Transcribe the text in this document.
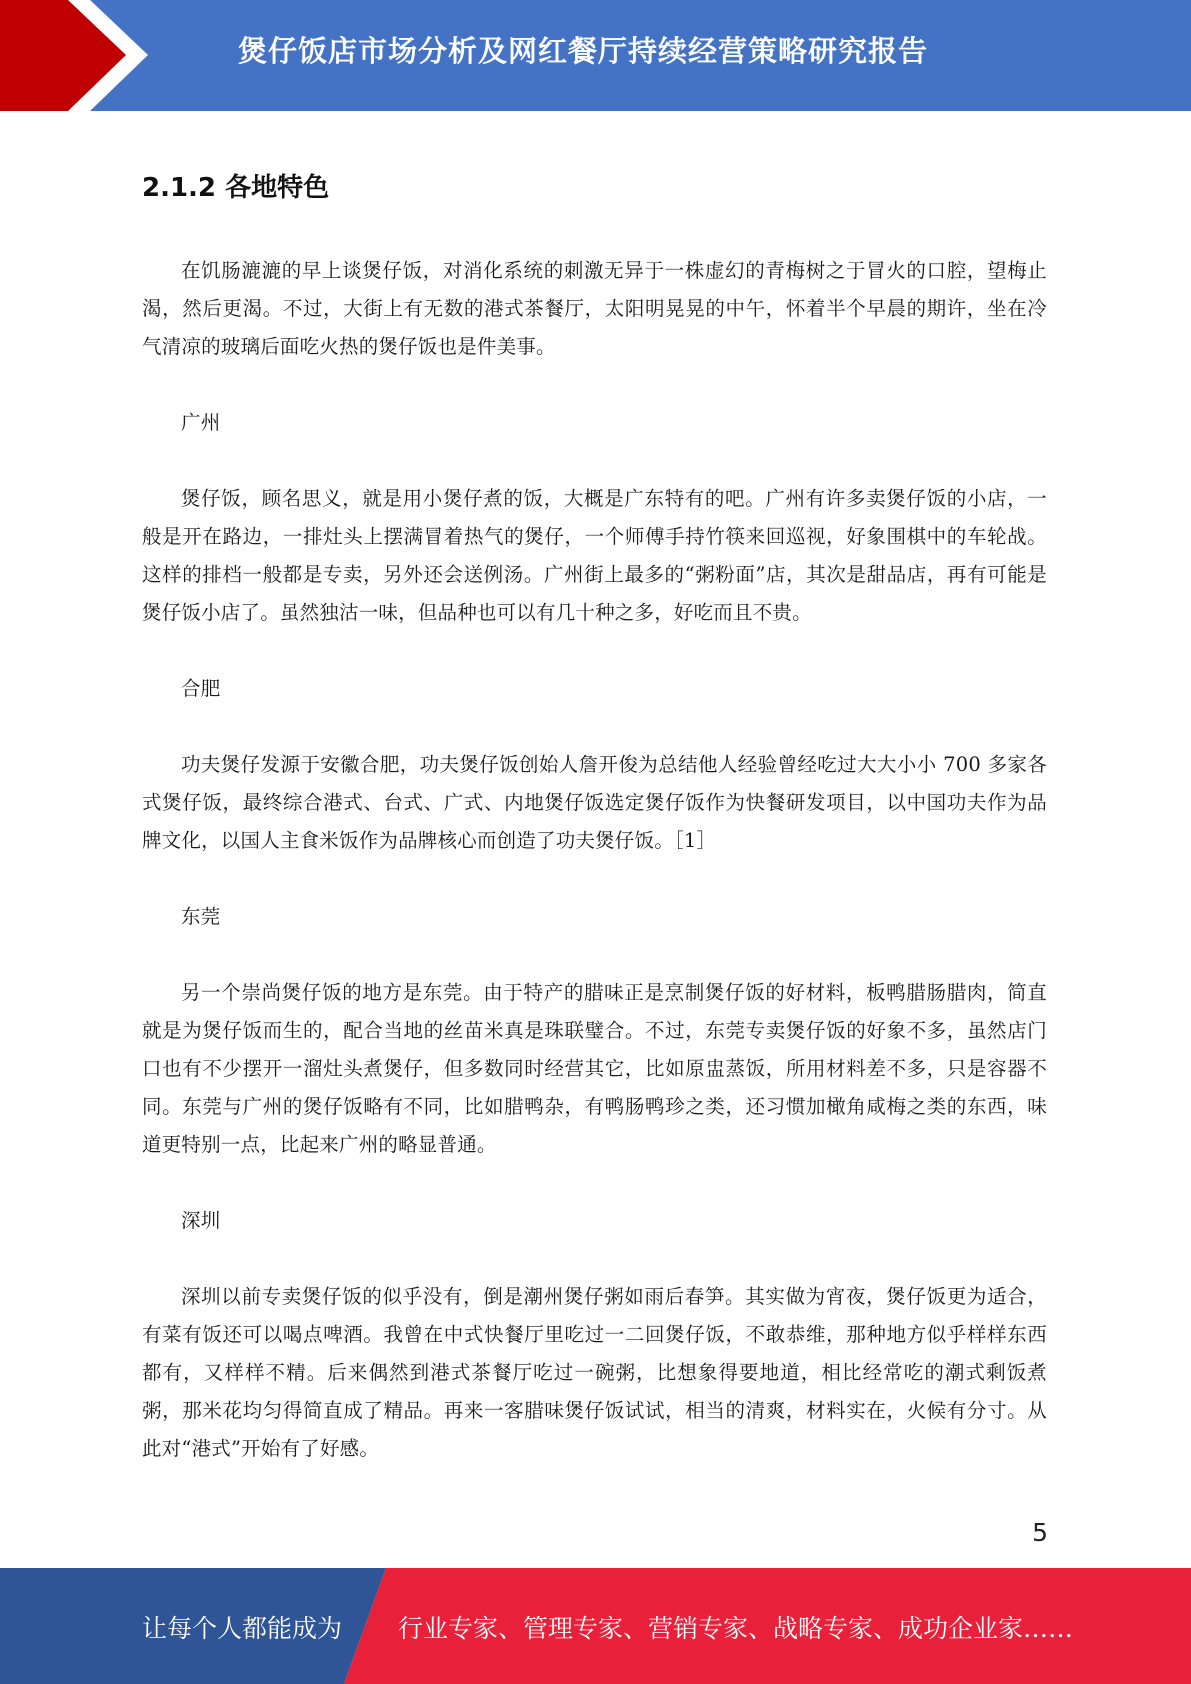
煲仔饭店市场分析及网红餐厅持续经营策略研究报告
2.1.2 各地特色

在饥肠漉漉的早上谈煲仔饭，对消化系统的刺激无异于一株虚幻的青梅树之于冒火的口腔，望梅止渴，然后更渴。不过，大街上有无数的港式茶餐厅，太阳明晃晃的中午，怀着半个早晨的期许，坐在冷气清凉的玻璃后面吃火热的煲仔饭也是件美事。

广州

煲仔饭，顾名思义，就是用小煲仔煮的饭，大概是广东特有的吧。广州有许多卖煲仔饭的小店，一般是开在路边，一排灶头上摆满冒着热气的煲仔，一个师傅手持竹筷来回巡视，好象围棋中的车轮战。这样的排档一般都是专卖，另外还会送例汤。广州街上最多的“粥粉面”店，其次是甜品店，再有可能是煲仔饭小店了。虽然独沽一味，但品种也可以有几十种之多，好吃而且不贵。

合肥

功夫煲仔发源于安徽合肥，功夫煲仔饭创始人詹开俊为总结他人经验曾经吃过大大小小 700 多家各式煲仔饭，最终综合港式、台式、广式、内地煲仔饭选定煲仔饭作为快餐研发项目，以中国功夫作为品牌文化，以国人主食米饭作为品牌核心而创造了功夫煲仔饭。［1］

东莞

另一个崇尚煲仔饭的地方是东莞。由于特产的腊味正是烹制煲仔饭的好材料，板鸭腊肠腊肉，简直就是为煲仔饭而生的，配合当地的丝苗米真是珠联璧合。不过，东莞专卖煲仔饭的好象不多，虽然店门口也有不少摆开一溜灶头煮煲仔，但多数同时经营其它，比如原盅蒸饭，所用材料差不多，只是容器不同。东莞与广州的煲仔饭略有不同，比如腊鸭杂，有鸭肠鸭珍之类，还习惯加橄角咸梅之类的东西，味道更特别一点，比起来广州的略显普通。

深圳

深圳以前专卖煲仔饭的似乎没有，倒是潮州煲仔粥如雨后春笋。其实做为宵夜，煲仔饭更为适合，有菜有饭还可以喝点啤酒。我曾在中式快餐厅里吃过一二回煲仔饭，不敢恭维，那种地方似乎样样东西都有，又样样不精。后来偶然到港式茶餐厅吃过一碗粥，比想象得要地道，相比经常吃的潮式剩饭煮粥，那米花均匀得简直成了精品。再来一客腊味煲仔饭试试，相当的清爽，材料实在，火候有分寸。从此对“港式”开始有了好感。

5
让每个人都能成为 行业专家、管理专家、营销专家、战略专家、成功企业家……
